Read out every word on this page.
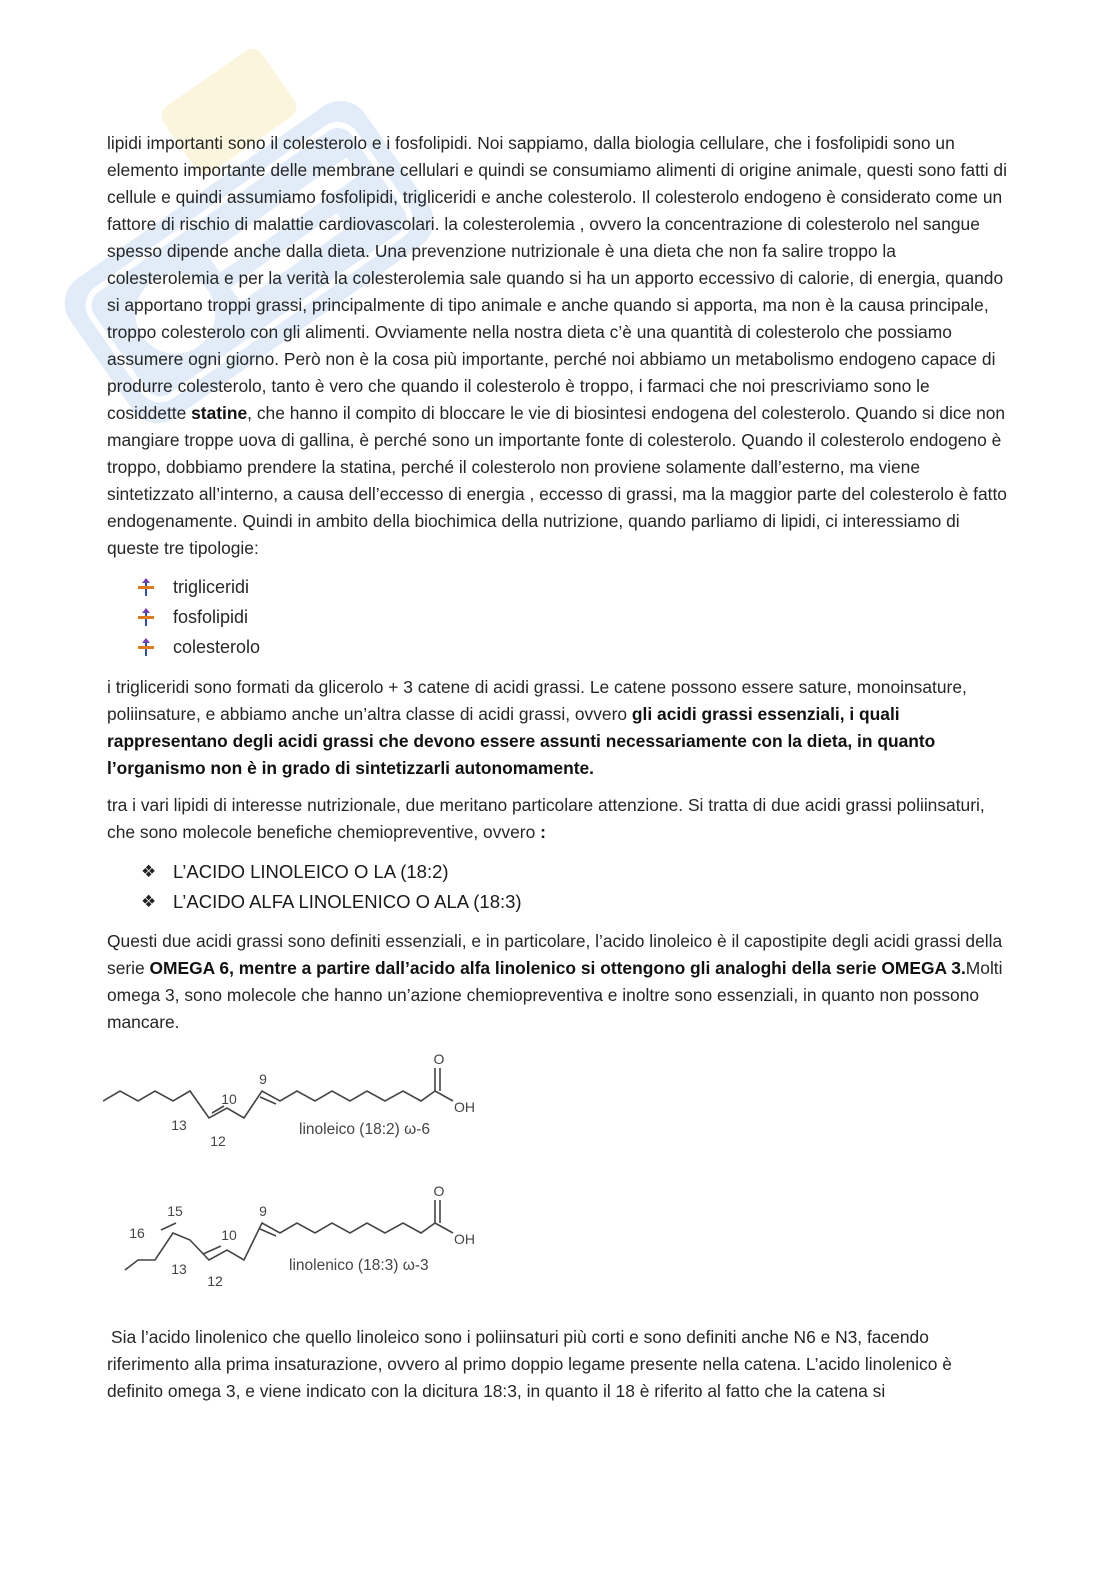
lipidi importanti sono il colesterolo e i fosfolipidi. Noi sappiamo, dalla biologia cellulare, che i fosfolipidi sono un elemento importante delle membrane cellulari e quindi se consumiamo alimenti di origine animale, questi sono fatti di cellule e quindi assumiamo fosfolipidi, trigliceridi e anche colesterolo. Il colesterolo endogeno è considerato come un fattore di rischio di malattie cardiovascolari. la colesterolemia , ovvero la concentrazione di colesterolo nel sangue spesso dipende anche dalla dieta. Una prevenzione nutrizionale è una dieta che non fa salire troppo la colesterolemia e per la verità la colesterolemia sale quando si ha un apporto eccessivo di calorie, di energia, quando si apportano troppi grassi, principalmente di tipo animale e anche quando si apporta, ma non è la causa principale, troppo colesterolo con gli alimenti. Ovviamente nella nostra dieta c’è una quantità di colesterolo che possiamo assumere ogni giorno. Però non è la cosa più importante, perché noi abbiamo un metabolismo endogeno capace di produrre colesterolo, tanto è vero che quando il colesterolo è troppo, i farmaci che noi prescriviamo sono le cosiddette statine, che hanno il compito di bloccare le vie di biosintesi endogena del colesterolo. Quando si dice non mangiare troppe uova di gallina, è perché sono un importante fonte di colesterolo. Quando il colesterolo endogeno è troppo, dobbiamo prendere la statina, perché il colesterolo non proviene solamente dall’esterno, ma viene sintetizzato all’interno, a causa dell’eccesso di energia , eccesso di grassi, ma la maggior parte del colesterolo è fatto endogenamente. Quindi in ambito della biochimica della nutrizione, quando parliamo di lipidi, ci interessiamo di queste tre tipologie:

trigliceridi
fosfolipidi
colesterolo

i trigliceridi sono formati da glicerolo + 3 catene di acidi grassi. Le catene possono essere sature, monoinsature, poliinsature, e abbiamo anche un’altra classe di acidi grassi, ovvero gli acidi grassi essenziali, i quali rappresentano degli acidi grassi che devono essere assunti necessariamente con la dieta, in quanto l’organismo non è in grado di sintetizzarli autonomamente.

tra i vari lipidi di interesse nutrizionale, due meritano particolare attenzione. Si tratta di due acidi grassi poliinsaturi, che sono molecole benefiche chemiopreventive, ovvero :

❖ L’ACIDO LINOLEICO O LA (18:2)
❖ L’ACIDO ALFA LINOLENICO O ALA (18:3)

Questi due acidi grassi sono definiti essenziali, e in particolare, l’acido linoleico è il capostipite degli acidi grassi della serie OMEGA 6, mentre a partire dall’acido alfa linolenico si ottengono gli analoghi della serie OMEGA 3.Molti omega 3, sono molecole che hanno un’azione chemiopreventiva e inoltre sono essenziali, in quanto non possono mancare.

O
OH
9
10
12
13	linoleico (18:2) ω-6
O
OH
9
10
12
13
15
16
linolenico (18:3) ω-3

Sia l’acido linolenico che quello linoleico sono i poliinsaturi più corti e sono definiti anche N6 e N3, facendo riferimento alla prima insaturazione, ovvero al primo doppio legame presente nella catena. L’acido linolenico è definito omega 3, e viene indicato con la dicitura 18:3, in quanto il 18 è riferito al fatto che la catena si
